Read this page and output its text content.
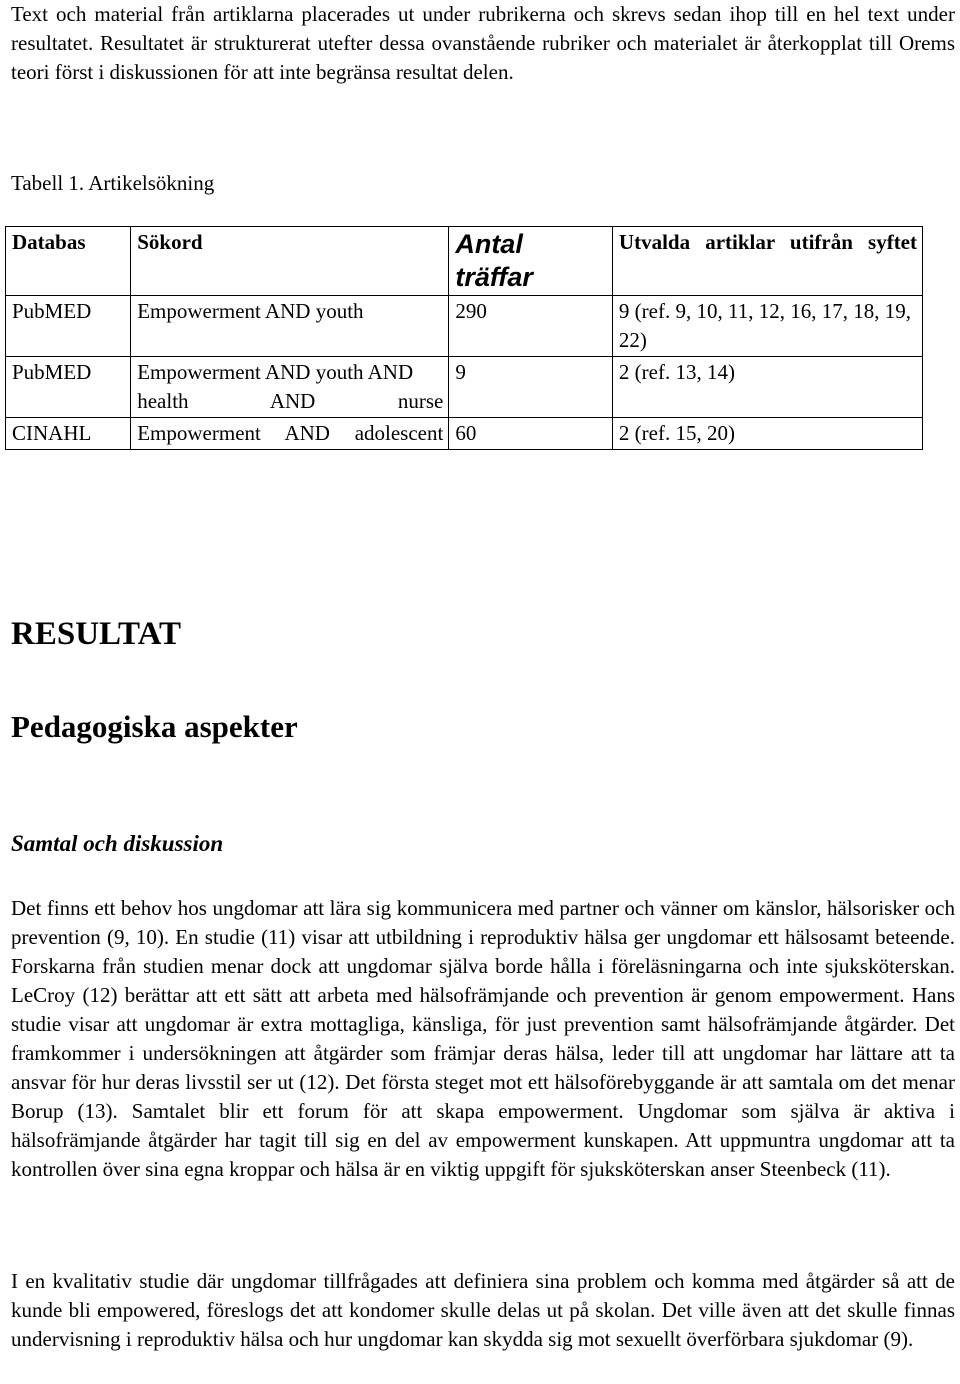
Text och material från artiklarna placerades ut under rubrikerna och skrevs sedan ihop till en hel text under resultatet. Resultatet är strukturerat utefter dessa ovanstående rubriker och materialet är återkopplat till Orems teori först i diskussionen för att inte begränsa resultat delen.

Tabell 1. Artikelsökning

Databas	Sökord	Antal träffar	Utvalda artiklar utifrån syftet
PubMED	Empowerment AND youth	290	9 (ref. 9, 10, 11, 12, 16, 17, 18, 19, 22)
PubMED	Empowerment AND youth AND health AND nurse	9	2 (ref. 13, 14)
CINAHL	Empowerment AND adolescent	60	2 (ref. 15, 20)
RESULTAT
Pedagogiska aspekter
Samtal och diskussion

Det finns ett behov hos ungdomar att lära sig kommunicera med partner och vänner om känslor, hälsorisker och prevention (9, 10). En studie (11) visar att utbildning i reproduktiv hälsa ger ungdomar ett hälsosamt beteende. Forskarna från studien menar dock att ungdomar själva borde hålla i föreläsningarna och inte sjuksköterskan. LeCroy (12) berättar att ett sätt att arbeta med hälsofrämjande och prevention är genom empowerment. Hans studie visar att ungdomar är extra mottagliga, känsliga, för just prevention samt hälsofrämjande åtgärder. Det framkommer i undersökningen att åtgärder som främjar deras hälsa, leder till att ungdomar har lättare att ta ansvar för hur deras livsstil ser ut (12). Det första steget mot ett hälsoförebyggande är att samtala om det menar Borup (13). Samtalet blir ett forum för att skapa empowerment. Ungdomar som själva är aktiva i hälsofrämjande åtgärder har tagit till sig en del av empowerment kunskapen. Att uppmuntra ungdomar att ta kontrollen över sina egna kroppar och hälsa är en viktig uppgift för sjuksköterskan anser Steenbeck (11).

I en kvalitativ studie där ungdomar tillfrågades att definiera sina problem och komma med åtgärder så att de kunde bli empowered, föreslogs det att kondomer skulle delas ut på skolan. Det ville även att det skulle finnas undervisning i reproduktiv hälsa och hur ungdomar kan skydda sig mot sexuellt överförbara sjukdomar (9).
